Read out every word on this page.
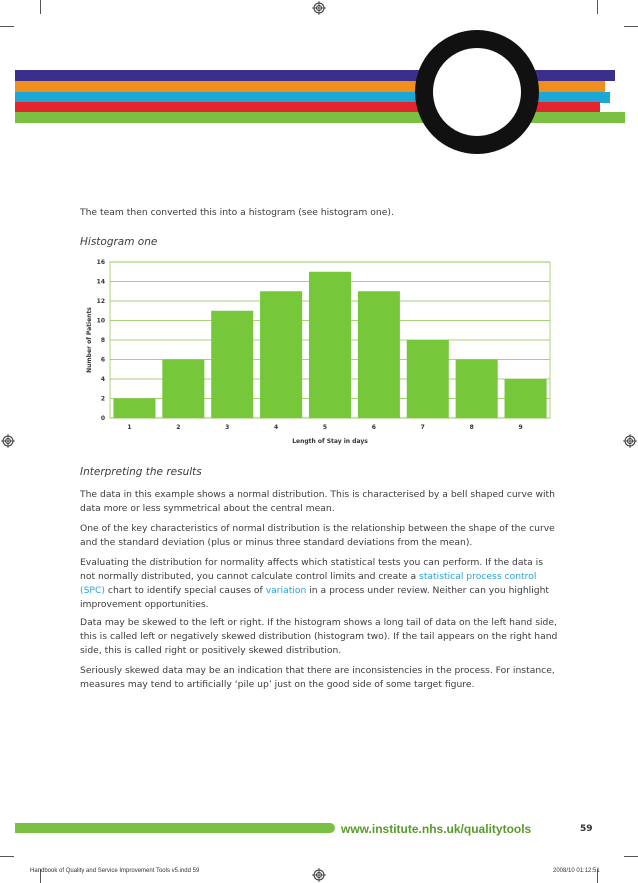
The team then converted this into a histogram (see histogram one).
Histogram one
0
2
4
6
8
10
12
14
16
1	2	3	4	5	6	7	8	9
Length of Stay in days
Number of Patients
Interpreting the results
The data in this example shows a normal distribution. This is characterised by a bell shaped curve with data more or less symmetrical about the central mean.
One of the key characteristics of normal distribution is the relationship between the shape of the curve and the standard deviation (plus or minus three standard deviations from the mean).
Evaluating the distribution for normality affects which statistical tests you can perform. If the data is not normally distributed, you cannot calculate control limits and create a statistical process control (SPC) chart to identify special causes of variation in a process under review. Neither can you highlight improvement opportunities.
Data may be skewed to the left or right. If the histogram shows a long tail of data on the left hand side, this is called left or negatively skewed distribution (histogram two). If the tail appears on the right hand side, this is called right or positively skewed distribution.
Seriously skewed data may be an indication that there are inconsistencies in the process. For instance, measures may tend to artificially ‘pile up’ just on the good side of some target figure.
www.institute.nhs.uk/qualitytools	59
Handbook of Quality and Service Improvement Tools v5.indd 59	2008/10 01:12:51
